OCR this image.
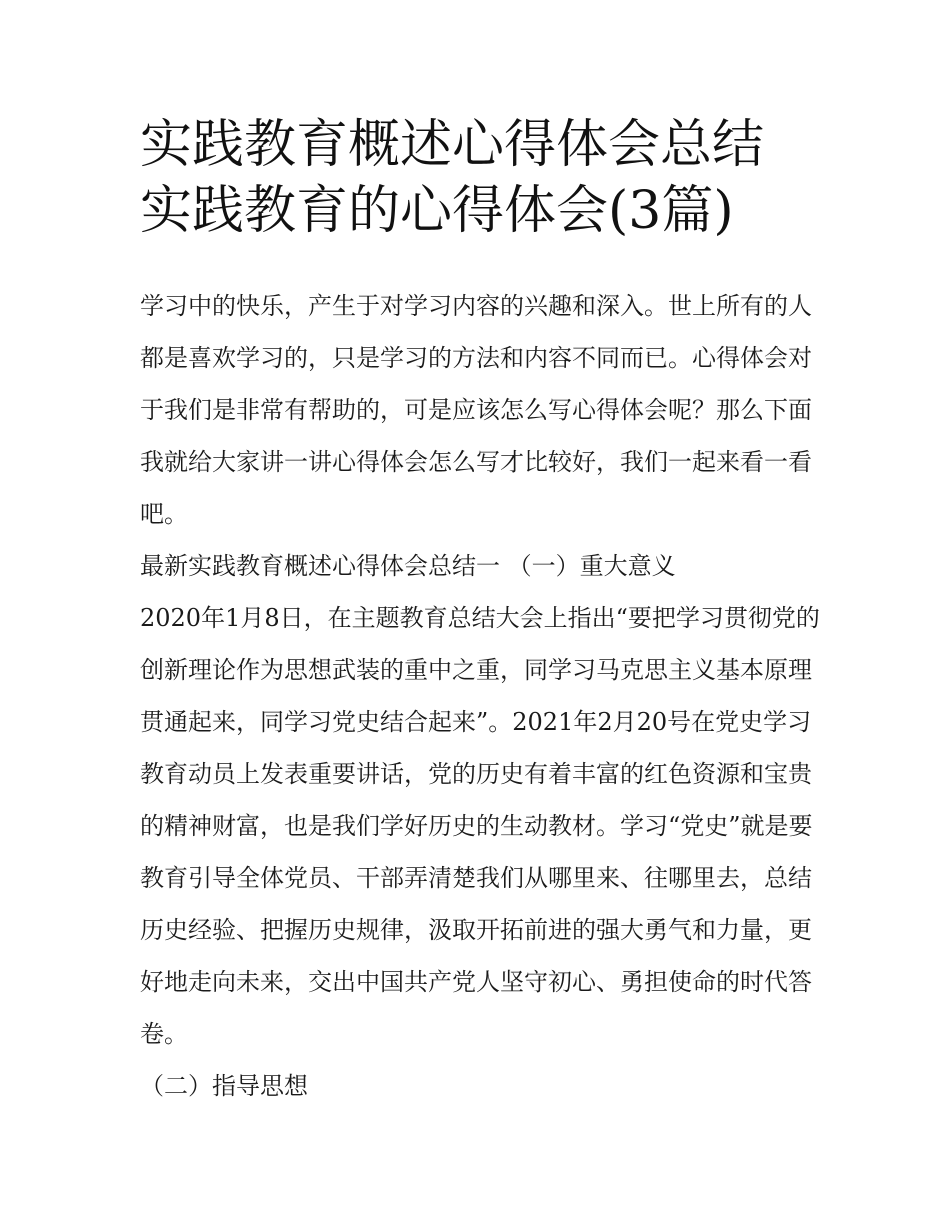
实践教育概述心得体会总结 实践教育的心得体会(3篇)

学习中的快乐，产生于对学习内容的兴趣和深入。世上所有的人都是喜欢学习的，只是学习的方法和内容不同而已。心得体会对于我们是非常有帮助的，可是应该怎么写心得体会呢？那么下面我就给大家讲一讲心得体会怎么写才比较好，我们一起来看一看吧。

最新实践教育概述心得体会总结一 （一）重大意义

2020年1月8日，在主题教育总结大会上指出“要把学习贯彻党的创新理论作为思想武装的重中之重，同学习马克思主义基本原理贯通起来，同学习党史结合起来”。2021年2月20号在党史学习教育动员上发表重要讲话，党的历史有着丰富的红色资源和宝贵的精神财富，也是我们学好历史的生动教材。学习“党史”就是要教育引导全体党员、干部弄清楚我们从哪里来、往哪里去，总结历史经验、把握历史规律，汲取开拓前进的强大勇气和力量，更好地走向未来，交出中国共产党人坚守初心、勇担使命的时代答卷。

（二）指导思想
